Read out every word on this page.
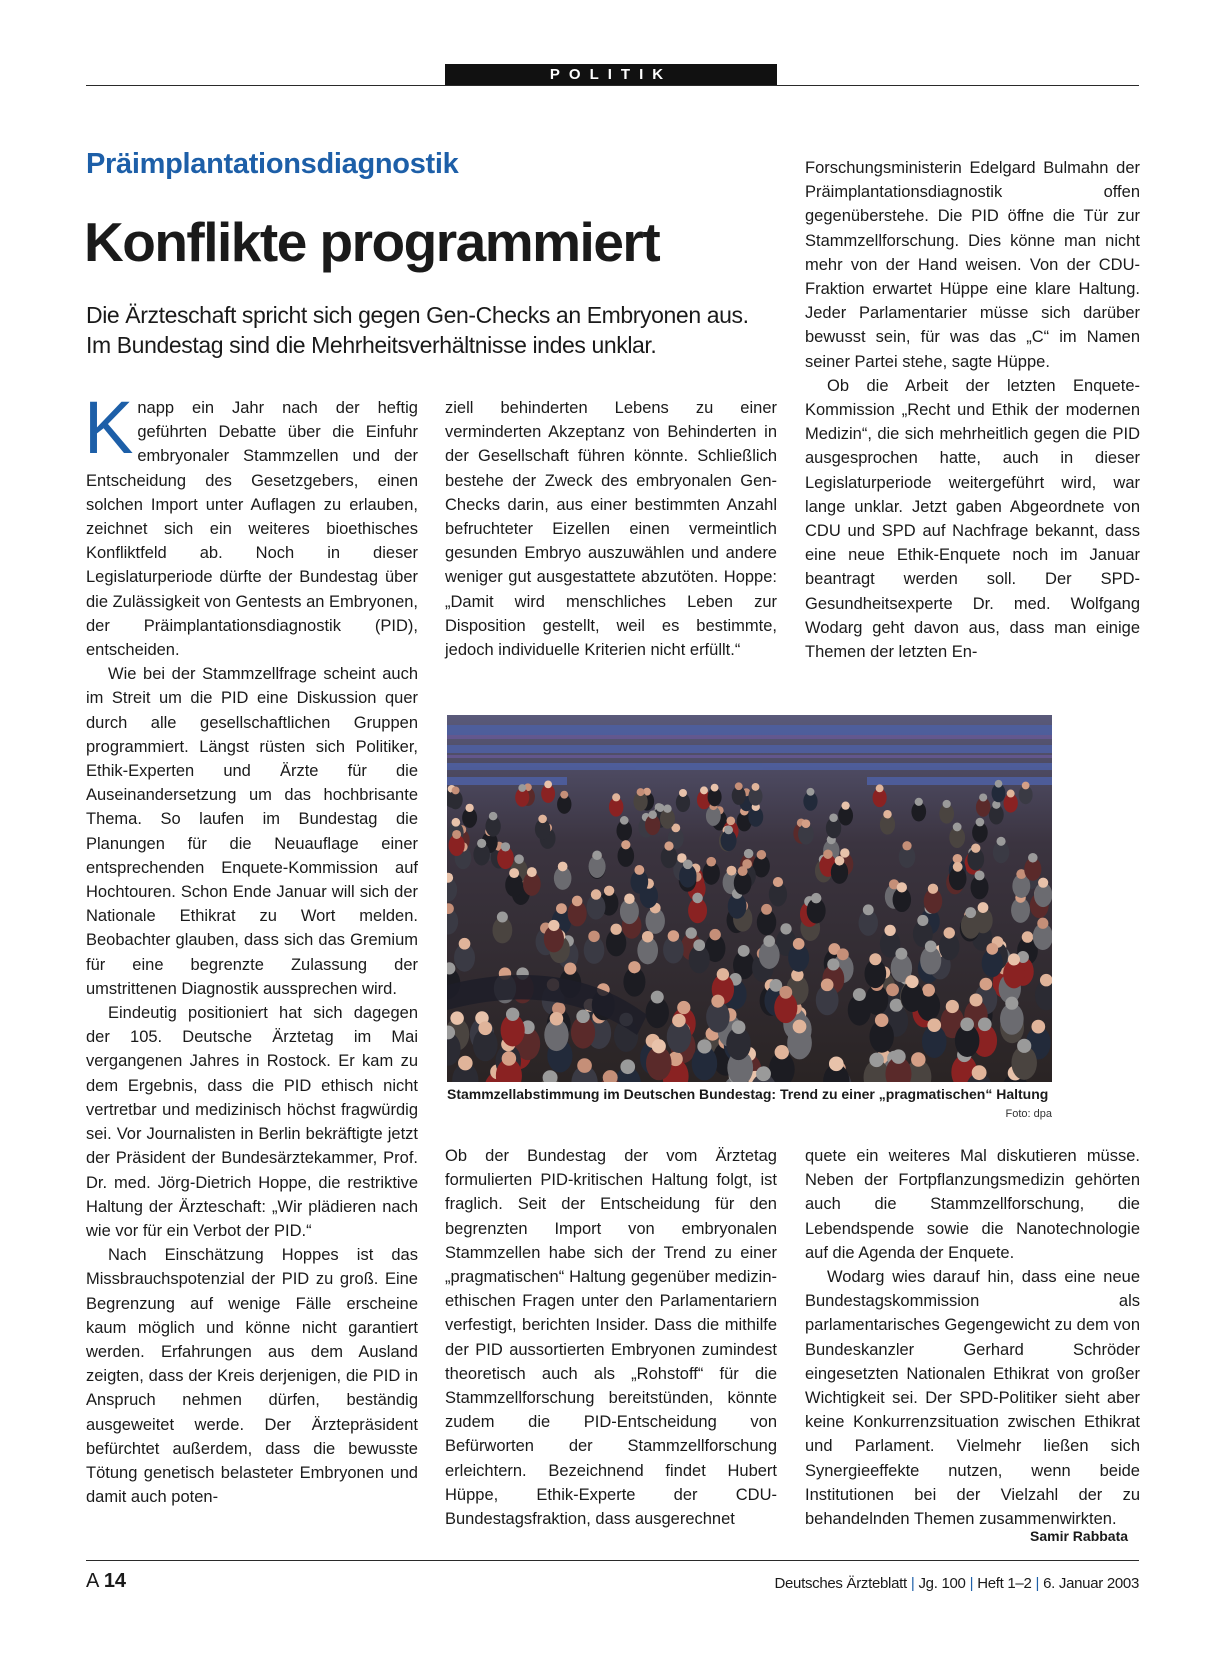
POLITIK
Präimplantationsdiagnostik
Konflikte programmiert
Die Ärzteschaft spricht sich gegen Gen-Checks an Embryonen aus. Im Bundestag sind die Mehrheitsverhältnisse indes unklar.

Knapp ein Jahr nach der heftig geführten Debatte über die Einfuhr embryonaler Stammzellen und der Entscheidung des Gesetzgebers, einen solchen Import unter Auflagen zu erlauben, zeichnet sich ein weiteres bioethisches Konfliktfeld ab. Noch in dieser Legislaturperiode dürfte der Bundestag über die Zulässigkeit von Gentests an Embryonen, der Präimplantationsdiagnostik (PID), entscheiden.

Wie bei der Stammzellfrage scheint auch im Streit um die PID eine Diskussion quer durch alle gesellschaftlichen Gruppen programmiert. Längst rüsten sich Politiker, Ethik-Experten und Ärzte für die Auseinandersetzung um das hochbrisante Thema. So laufen im Bundestag die Planungen für die Neuauflage einer entsprechenden Enquete-Kommission auf Hochtouren. Schon Ende Januar will sich der Nationale Ethikrat zu Wort melden. Beobachter glauben, dass sich das Gremium für eine begrenzte Zulassung der umstrittenen Diagnostik aussprechen wird.

Eindeutig positioniert hat sich dagegen der 105. Deutsche Ärztetag im Mai vergangenen Jahres in Rostock. Er kam zu dem Ergebnis, dass die PID ethisch nicht vertretbar und medizinisch höchst fragwürdig sei. Vor Journalisten in Berlin bekräftigte jetzt der Präsident der Bundesärztekammer, Prof. Dr. med. Jörg-Dietrich Hoppe, die restriktive Haltung der Ärzteschaft: „Wir plädieren nach wie vor für ein Verbot der PID.“

Nach Einschätzung Hoppes ist das Missbrauchspotenzial der PID zu groß. Eine Begrenzung auf wenige Fälle erscheine kaum möglich und könne nicht garantiert werden. Erfahrungen aus dem Ausland zeigten, dass der Kreis derjenigen, die PID in Anspruch nehmen dürfen, beständig ausgeweitet werde. Der Ärztepräsident befürchtet außerdem, dass die bewusste Tötung genetisch belasteter Embryonen und damit auch poten-

ziell behinderten Lebens zu einer verminderten Akzeptanz von Behinderten in der Gesellschaft führen könnte. Schließlich bestehe der Zweck des embryonalen Gen-Checks darin, aus einer bestimmten Anzahl befruchteter Eizellen einen vermeintlich gesunden Embryo auszuwählen und andere weniger gut ausgestattete abzutöten. Hoppe: „Damit wird menschliches Leben zur Disposition gestellt, weil es bestimmte, jedoch individuelle Kriterien nicht erfüllt.“

Forschungsministerin Edelgard Bulmahn der Präimplantationsdiagnostik offen gegenüberstehe. Die PID öffne die Tür zur Stammzellforschung. Dies könne man nicht mehr von der Hand weisen. Von der CDU-Fraktion erwartet Hüppe eine klare Haltung. Jeder Parlamentarier müsse sich darüber bewusst sein, für was das „C“ im Namen seiner Partei stehe, sagte Hüppe.

Ob die Arbeit der letzten Enquete-Kommission „Recht und Ethik der modernen Medizin“, die sich mehrheitlich gegen die PID ausgesprochen hatte, auch in dieser Legislaturperiode weitergeführt wird, war lange unklar. Jetzt gaben Abgeordnete von CDU und SPD auf Nachfrage bekannt, dass eine neue Ethik-Enquete noch im Januar beantragt werden soll. Der SPD-Gesundheitsexperte Dr. med. Wolfgang Wodarg geht davon aus, dass man einige Themen der letzten En-

Stammzellabstimmung im Deutschen Bundestag: Trend zu einer „pragmatischen“ Haltung
Foto: dpa

Ob der Bundestag der vom Ärztetag formulierten PID-kritischen Haltung folgt, ist fraglich. Seit der Entscheidung für den begrenzten Import von embryonalen Stammzellen habe sich der Trend zu einer „pragmatischen“ Haltung gegenüber medizin-ethischen Fragen unter den Parlamentariern verfestigt, berichten Insider. Dass die mithilfe der PID aussortierten Embryonen zumindest theoretisch auch als „Rohstoff“ für die Stammzellforschung bereitstünden, könnte zudem die PID-Entscheidung von Befürworten der Stammzellforschung erleichtern. Bezeichnend findet Hubert Hüppe, Ethik-Experte der CDU-Bundestagsfraktion, dass ausgerechnet

quete ein weiteres Mal diskutieren müsse. Neben der Fortpflanzungsmedizin gehörten auch die Stammzellforschung, die Lebendspende sowie die Nanotechnologie auf die Agenda der Enquete.

Wodarg wies darauf hin, dass eine neue Bundestagskommission als parlamentarisches Gegengewicht zu dem von Bundeskanzler Gerhard Schröder eingesetzten Nationalen Ethikrat von großer Wichtigkeit sei. Der SPD-Politiker sieht aber keine Konkurrenzsituation zwischen Ethikrat und Parlament. Vielmehr ließen sich Synergieeffekte nutzen, wenn beide Institutionen bei der Vielzahl der zu behandelnden Themen zusammenwirkten.

Samir Rabbata
A 14	Deutsches Ärzteblatt | Jg. 100 | Heft 1–2 | 6. Januar 2003
